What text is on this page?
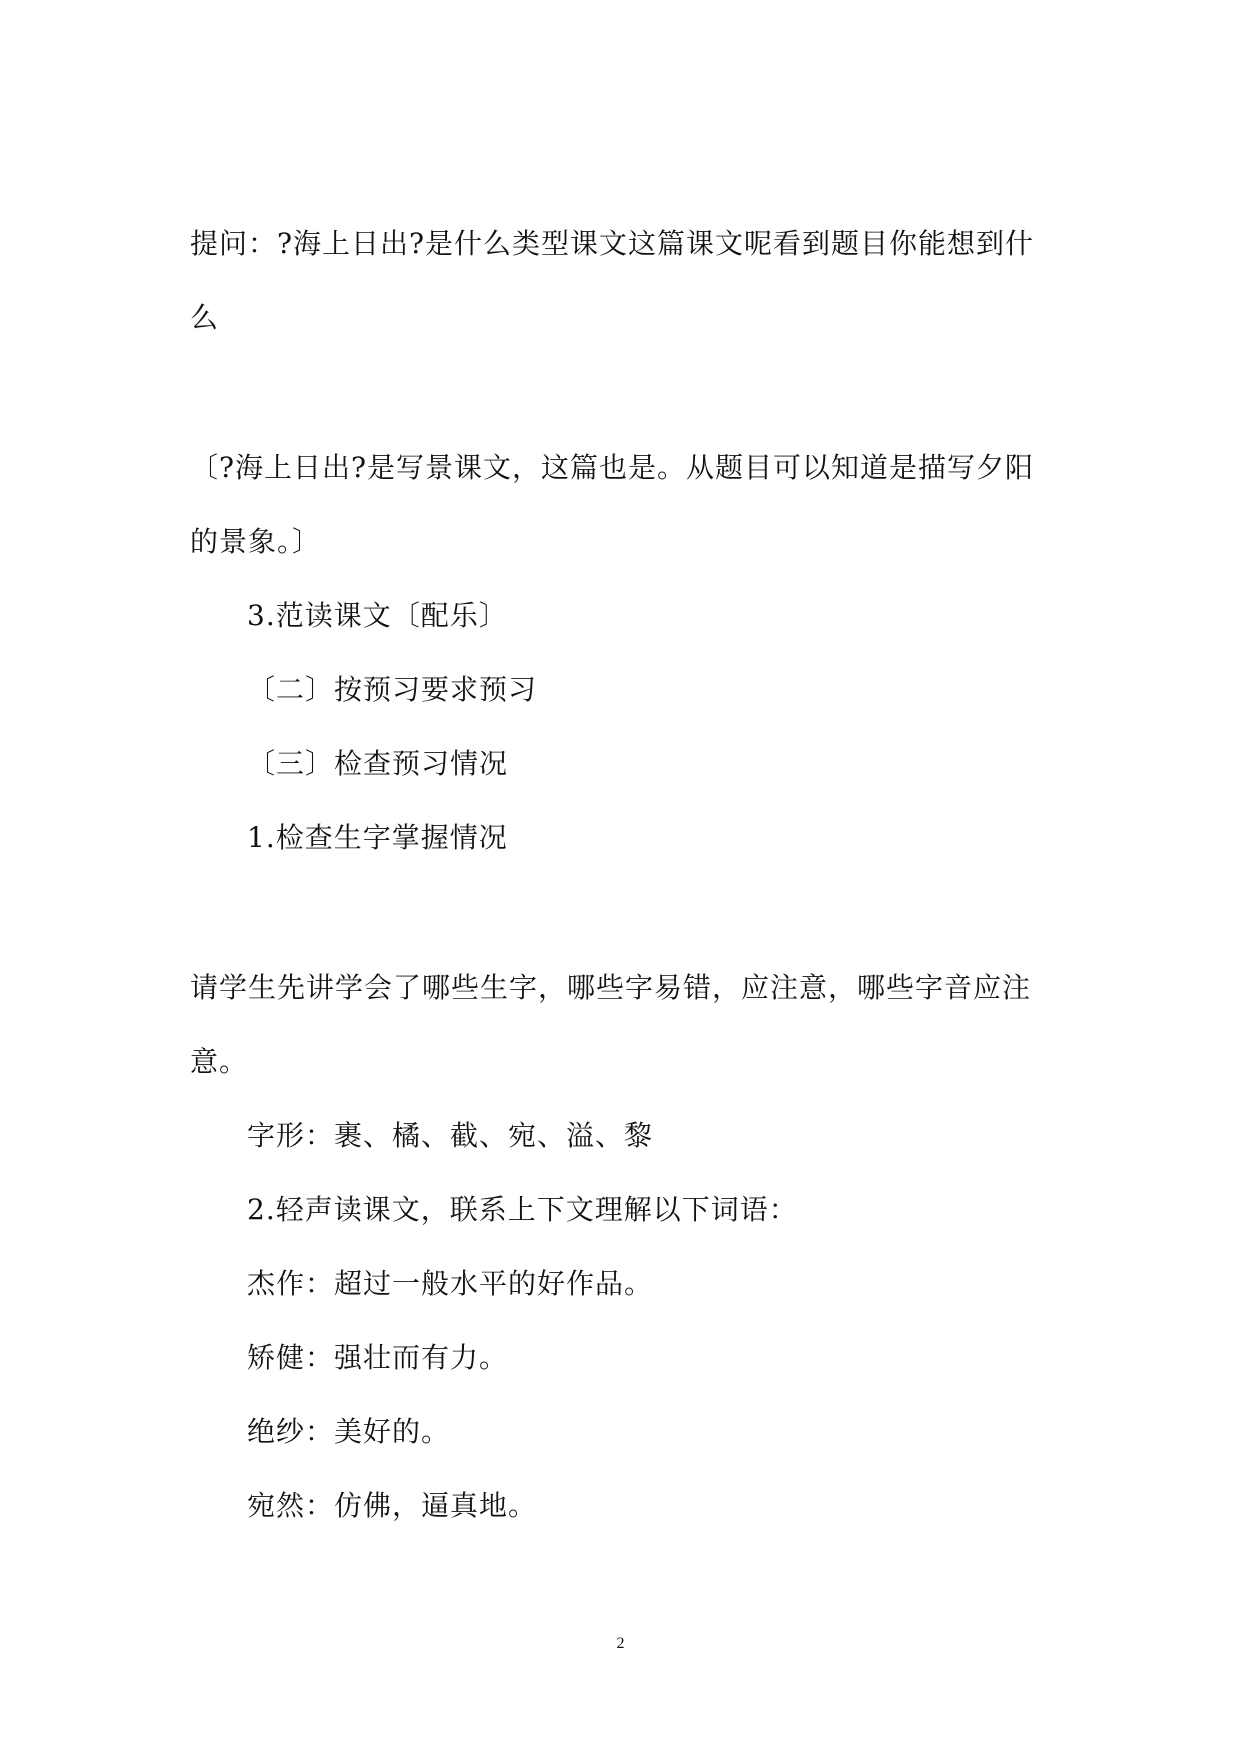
提问：?海上日出?是什么类型课文这篇课文呢看到题目你能想到什
么
〔?海上日出?是写景课文，这篇也是。从题目可以知道是描写夕阳
的景象。〕
3.范读课文〔配乐〕
〔二〕按预习要求预习
〔三〕检查预习情况
1.检查生字掌握情况
请学生先讲学会了哪些生字，哪些字易错，应注意，哪些字音应注
意。
字形：裹、橘、截、宛、溢、黎
2.轻声读课文，联系上下文理解以下词语：
杰作：超过一般水平的好作品。
矫健：强壮而有力。
绝纱：美好的。
宛然：仿佛，逼真地。
2
